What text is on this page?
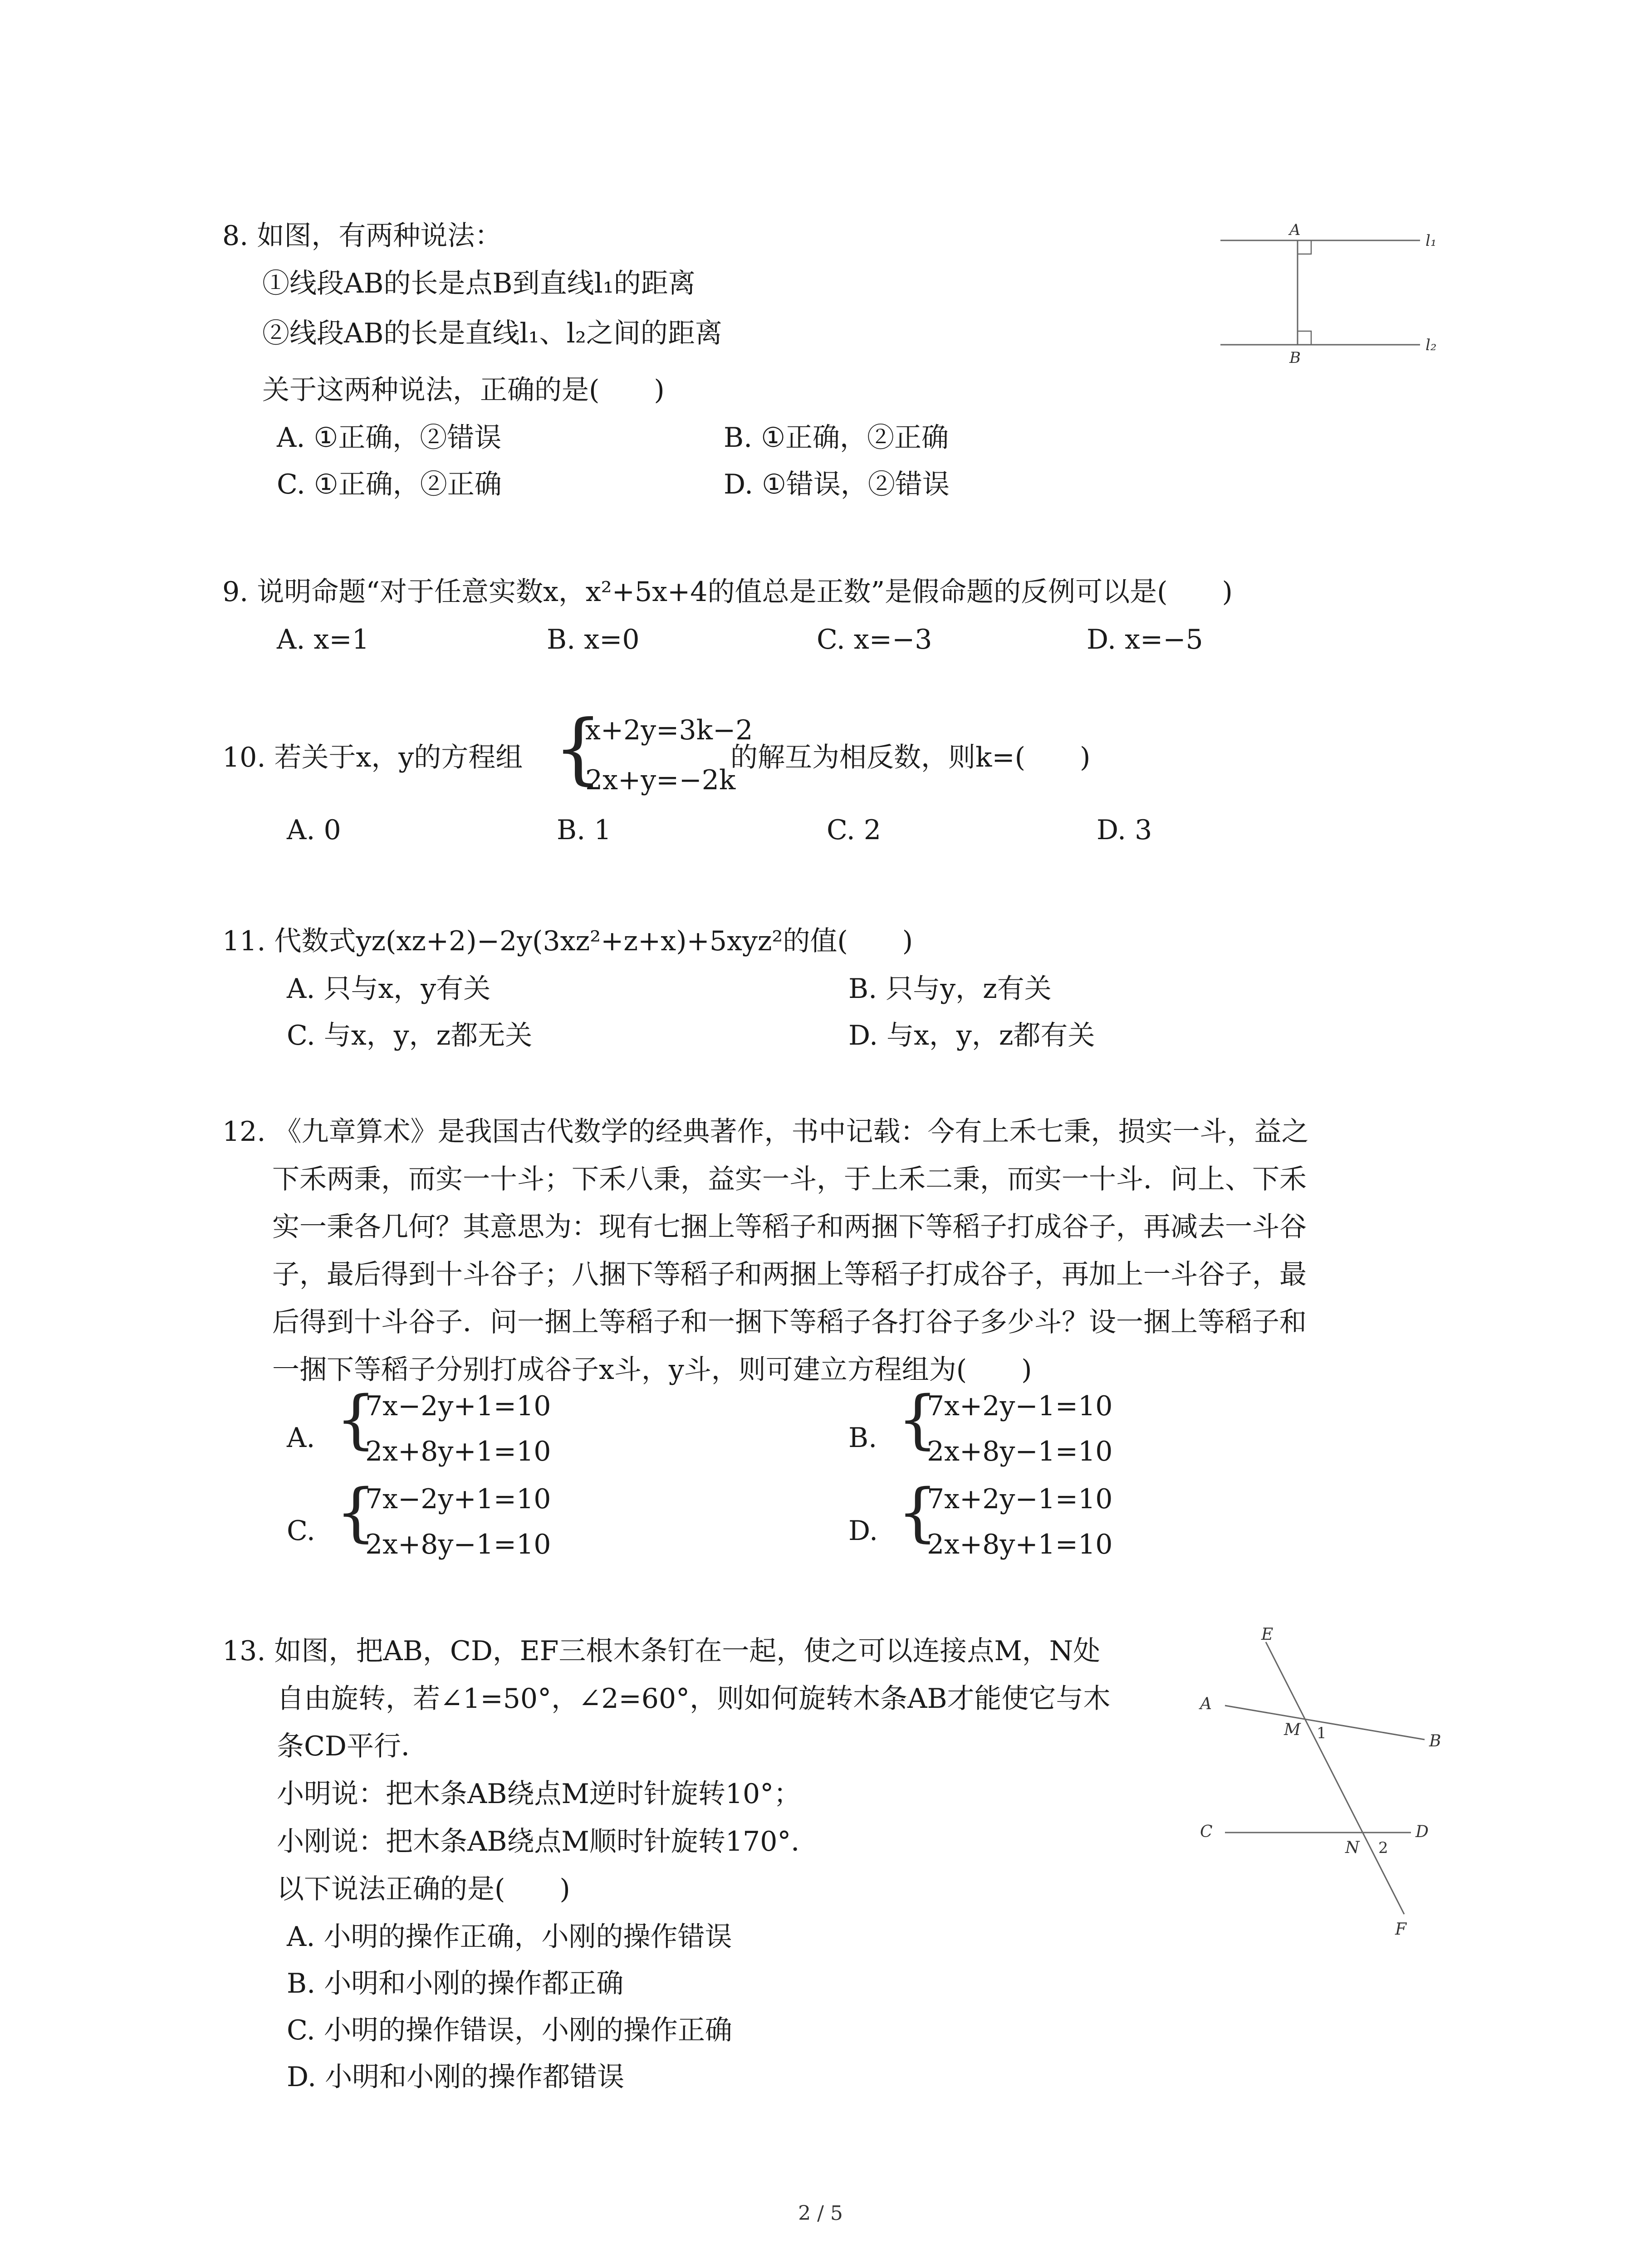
8. 如图，有两种说法：
①线段AB的长是点B到直线l₁的距离
②线段AB的长是直线l₁、l₂之间的距离
关于这两种说法，正确的是(　　)
A. ①正确，②错误	B. ①正确，②正确
C. ①正确，②正确	D. ①错误，②错误
A
B
l₁
l₂
9. 说明命题“对于任意实数x，x²+5x+4的值总是正数”是假命题的反例可以是(　　)
A. x=1	B. x=0	C. x=−3	D. x=−5
10. 若关于x，y的方程组 {
x+2y=3k−2
2x+y=−2k
的解互为相反数，则k=(　　)
A. 0	B. 1	C. 2	D. 3
11. 代数式yz(xz+2)−2y(3xz²+z+x)+5xyz²的值(　　)
A. 只与x，y有关	B. 只与y，z有关
C. 与x，y，z都无关	D. 与x，y，z都有关
12. 《九章算术》是我国古代数学的经典著作，书中记载：今有上禾七秉，损实一斗，益之
下禾两秉，而实一十斗；下禾八秉，益实一斗，于上禾二秉，而实一十斗．问上、下禾
实一秉各几何？其意思为：现有七捆上等稻子和两捆下等稻子打成谷子，再减去一斗谷
子，最后得到十斗谷子；八捆下等稻子和两捆上等稻子打成谷子，再加上一斗谷子，最
后得到十斗谷子．问一捆上等稻子和一捆下等稻子各打谷子多少斗？设一捆上等稻子和
一捆下等稻子分别打成谷子x斗，y斗，则可建立方程组为(　　)
A. {
7x−2y+1=10
2x+8y+1=10	B. {
7x+2y−1=10
2x+8y−1=10
C. {
7x−2y+1=10
2x+8y−1=10	D. {
7x+2y−1=10
2x+8y+1=10
13. 如图，把AB，CD，EF三根木条钉在一起，使之可以连接点M，N处
自由旋转，若∠1=50°，∠2=60°，则如何旋转木条AB才能使它与木
条CD平行．
小明说：把木条AB绕点M逆时针旋转10°；
小刚说：把木条AB绕点M顺时针旋转170°．
以下说法正确的是(　　)
A. 小明的操作正确，小刚的操作错误
B. 小明和小刚的操作都正确
C. 小明的操作错误，小刚的操作正确
D. 小明和小刚的操作都错误
E
A
M 1	B
C
N 2
D
F
2 / 5
